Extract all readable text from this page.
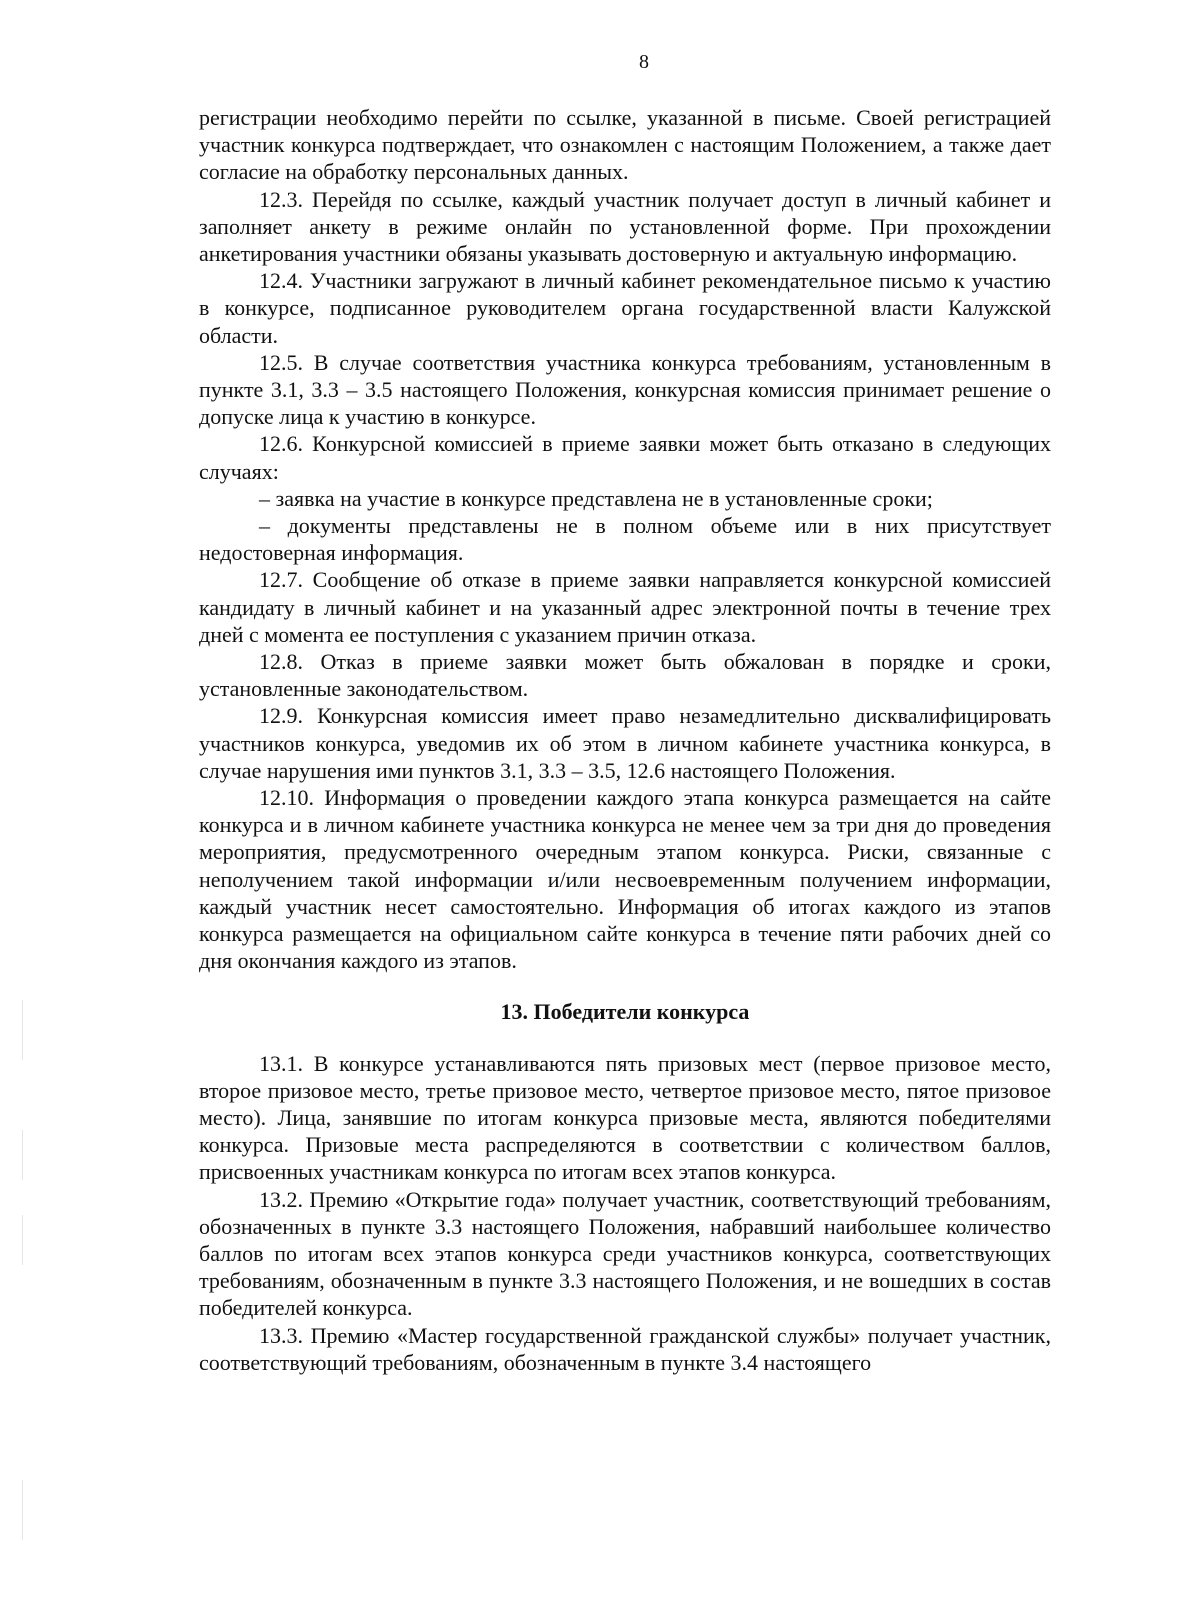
8

регистрации необходимо перейти по ссылке, указанной в письме. Своей регистрацией участник конкурса подтверждает, что ознакомлен с настоящим Положением, а также дает согласие на обработку персональных данных.

12.3. Перейдя по ссылке, каждый участник получает доступ в личный кабинет и заполняет анкету в режиме онлайн по установленной форме. При прохождении анкетирования участники обязаны указывать достоверную и актуальную информацию.

12.4. Участники загружают в личный кабинет рекомендательное письмо к участию в конкурсе, подписанное руководителем органа государственной власти Калужской области.

12.5. В случае соответствия участника конкурса требованиям, установленным в пункте 3.1, 3.3 – 3.5 настоящего Положения, конкурсная комиссия принимает решение о допуске лица к участию в конкурсе.

12.6. Конкурсной комиссией в приеме заявки может быть отказано в следующих случаях:

– заявка на участие в конкурсе представлена не в установленные сроки;

– документы представлены не в полном объеме или в них присутствует недостоверная информация.

12.7. Сообщение об отказе в приеме заявки направляется конкурсной комиссией кандидату в личный кабинет и на указанный адрес электронной почты в течение трех дней с момента ее поступления с указанием причин отказа.

12.8. Отказ в приеме заявки может быть обжалован в порядке и сроки, установленные законодательством.

12.9. Конкурсная комиссия имеет право незамедлительно дисквалифицировать участников конкурса, уведомив их об этом в личном кабинете участника конкурса, в случае нарушения ими пунктов 3.1, 3.3 – 3.5, 12.6 настоящего Положения.

12.10. Информация о проведении каждого этапа конкурса размещается на сайте конкурса и в личном кабинете участника конкурса не менее чем за три дня до проведения мероприятия, предусмотренного очередным этапом конкурса. Риски, связанные с неполучением такой информации и/или несвоевременным получением информации, каждый участник несет самостоятельно. Информация об итогах каждого из этапов конкурса размещается на официальном сайте конкурса в течение пяти рабочих дней со дня окончания каждого из этапов.

13. Победители конкурса

13.1. В конкурсе устанавливаются пять призовых мест (первое призовое место, второе призовое место, третье призовое место, четвертое призовое место, пятое призовое место). Лица, занявшие по итогам конкурса призовые места, являются победителями конкурса. Призовые места распределяются в соответствии с количеством баллов, присвоенных участникам конкурса по итогам всех этапов конкурса.

13.2. Премию «Открытие года» получает участник, соответствующий требованиям, обозначенных в пункте 3.3 настоящего Положения, набравший наибольшее количество баллов по итогам всех этапов конкурса среди участников конкурса, соответствующих требованиям, обозначенным в пункте 3.3 настоящего Положения, и не вошедших в состав победителей конкурса.

13.3. Премию «Мастер государственной гражданской службы» получает участник, соответствующий требованиям, обозначенным в пункте 3.4 настоящего
